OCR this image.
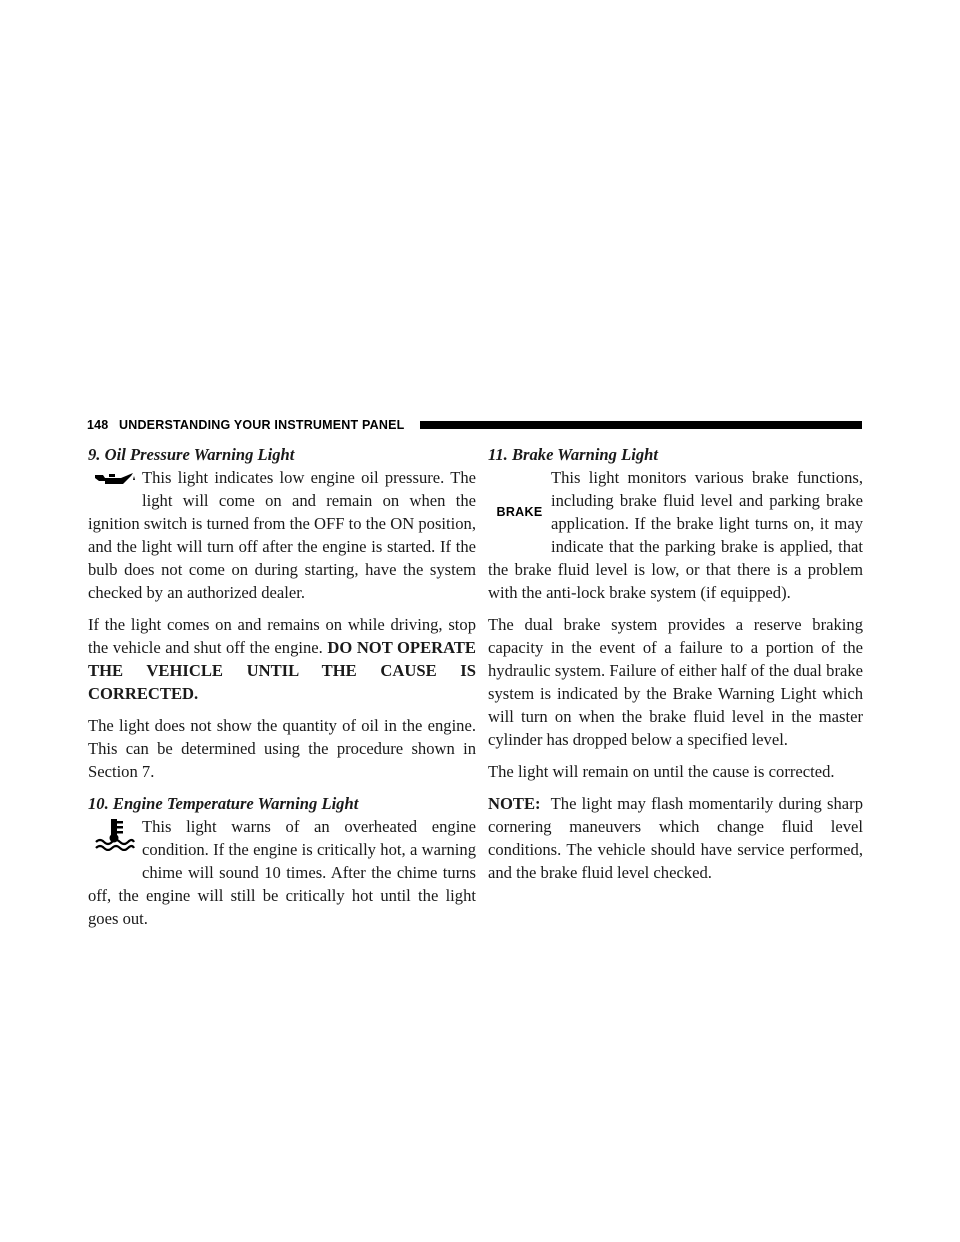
148 UNDERSTANDING YOUR INSTRUMENT PANEL
9. Oil Pressure Warning Light
This light indicates low engine oil pressure. The light will come on and remain on when the ignition switch is turned from the OFF to the ON position, and the light will turn off after the engine is started. If the bulb does not come on during starting, have the system checked by an authorized dealer.

If the light comes on and remains on while driving, stop the vehicle and shut off the engine. DO NOT OPERATE THE VEHICLE UNTIL THE CAUSE IS CORRECTED.

The light does not show the quantity of oil in the engine. This can be determined using the procedure shown in Section 7.

10. Engine Temperature Warning Light
This light warns of an overheated engine condition. If the engine is critically hot, a warning chime will sound 10 times. After the chime turns off, the engine will still be critically hot until the light goes out.
11. Brake Warning Light
BRAKE
This light monitors various brake functions, including brake fluid level and parking brake application. If the brake light turns on, it may indicate that the parking brake is applied, that the brake fluid level is low, or that there is a problem with the anti-lock brake system (if equipped).

The dual brake system provides a reserve braking capacity in the event of a failure to a portion of the hydraulic system. Failure of either half of the dual brake system is indicated by the Brake Warning Light which will turn on when the brake fluid level in the master cylinder has dropped below a specified level.

The light will remain on until the cause is corrected.

NOTE: The light may flash momentarily during sharp cornering maneuvers which change fluid level conditions. The vehicle should have service performed, and the brake fluid level checked.
